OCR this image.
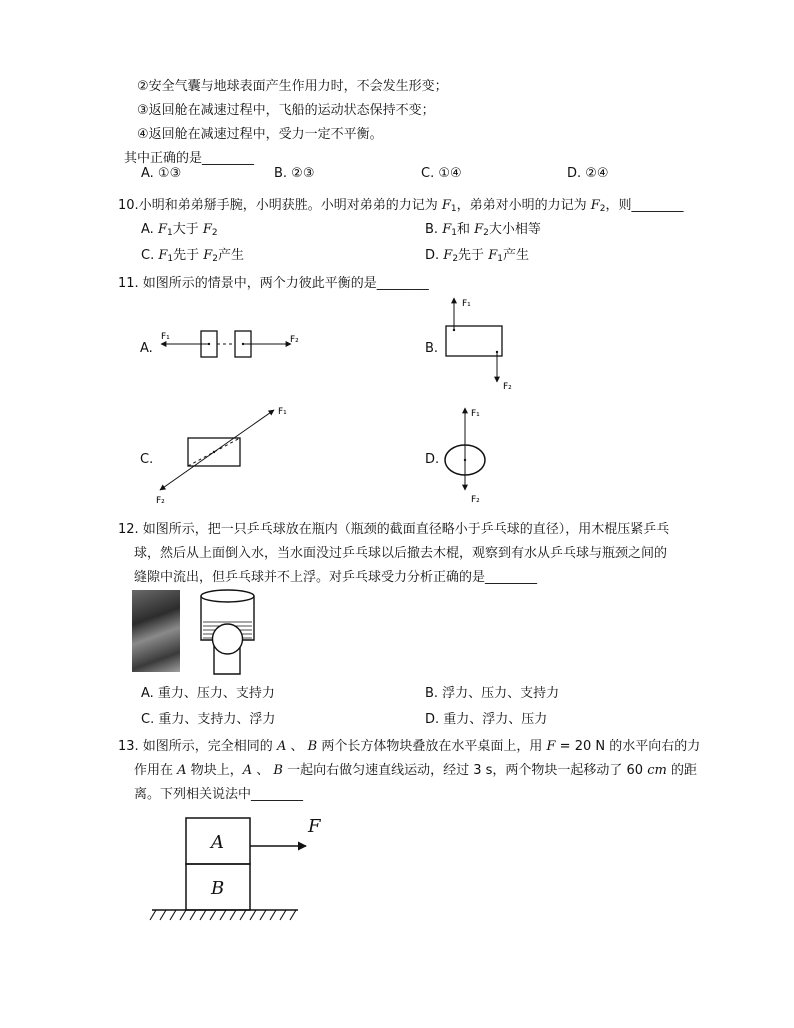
②安全气囊与地球表面产生作用力时，不会发生形变；
③返回舱在减速过程中，飞船的运动状态保持不变；
④返回舱在减速过程中，受力一定不平衡。
其中正确的是________
A. ①③	B. ②③	C. ①④	D. ②④
10.小明和弟弟掰手腕，小明获胜。小明对弟弟的力记为 $F_1$，弟弟对小明的力记为 $F_2$，则________
A. $F_1$大于 $F_2$	B. $F_1$和 $F_2$大小相等
C. $F_1$先于 $F_2$产生	D. $F_2$先于 $F_1$产生
11. 如图所示的情景中，两个力彼此平衡的是________
A.	B.
C.	D.
F₁	F₂
F₁
F₂
F₁
F₂
F₁
F₂
12. 如图所示，把一只乒乓球放在瓶内（瓶颈的截面直径略小于乒乓球的直径），用木棍压紧乒乓
球，然后从上面倒入水，当水面没过乒乓球以后撤去木棍，观察到有水从乒乓球与瓶颈之间的
缝隙中流出，但乒乓球并不上浮。对乒乓球受力分析正确的是________
A. 重力、压力、支持力	B. 浮力、压力、支持力
C. 重力、支持力、浮力	D. 重力、浮力、压力
13. 如图所示，完全相同的 A 、 B 两个长方体物块叠放在水平桌面上，用 F = 20 N 的水平向右的力
作用在 A 物块上，A 、 B 一起向右做匀速直线运动，经过 3 s，两个物块一起移动了 60 cm 的距
离。下列相关说法中________
A
B
F
